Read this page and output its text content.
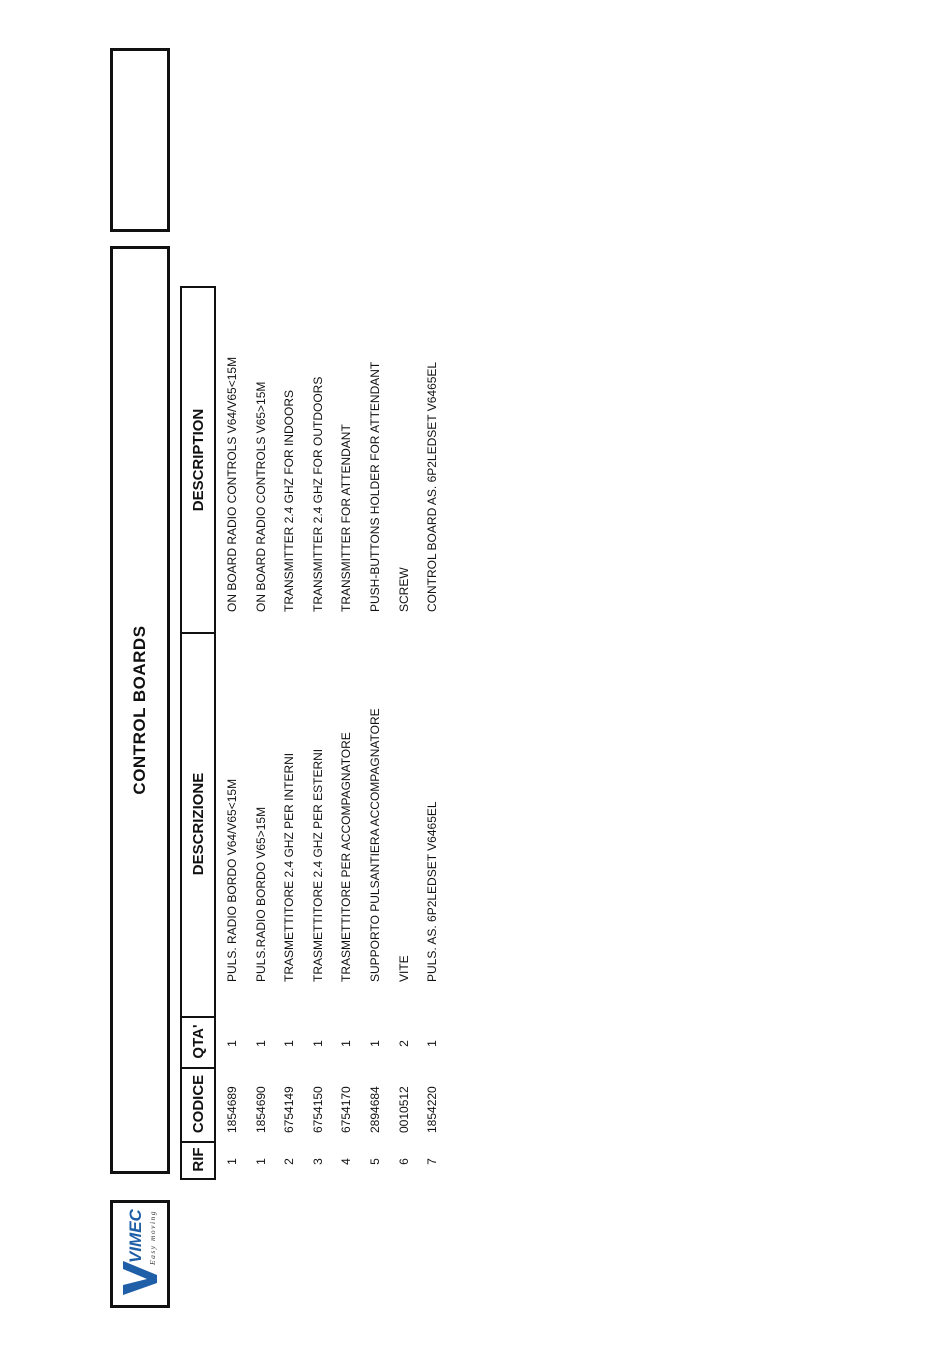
VIMEC Easy moving
CONTROL BOARDS
RIF
CODICE
QTA'
DESCRIZIONE
DESCRIPTION
1
1854689
1
PULS. RADIO BORDO V64/V65<15M
ON BOARD RADIO CONTROLS V64/V65<15M
1
1854690
1
PULS.RADIO BORDO V65>15M
ON BOARD RADIO CONTROLS V65>15M
2
6754149
1
TRASMETTITORE 2.4 GHZ PER INTERNI
TRANSMITTER 2.4 GHZ FOR INDOORS
3
6754150
1
TRASMETTITORE 2.4 GHZ PER ESTERNI
TRANSMITTER 2.4 GHZ FOR OUTDOORS
4
6754170
1
TRASMETTITORE PER ACCOMPAGNATORE
TRANSMITTER FOR ATTENDANT
5
2894684
1
SUPPORTO PULSANTIERA ACCOMPAGNATORE
PUSH-BUTTONS HOLDER FOR ATTENDANT
6
0010512
2
VITE
SCREW
7
1854220
1
PULS. AS. 6P2LEDSET V6465EL
CONTROL BOARD AS. 6P2LEDSET V6465EL
